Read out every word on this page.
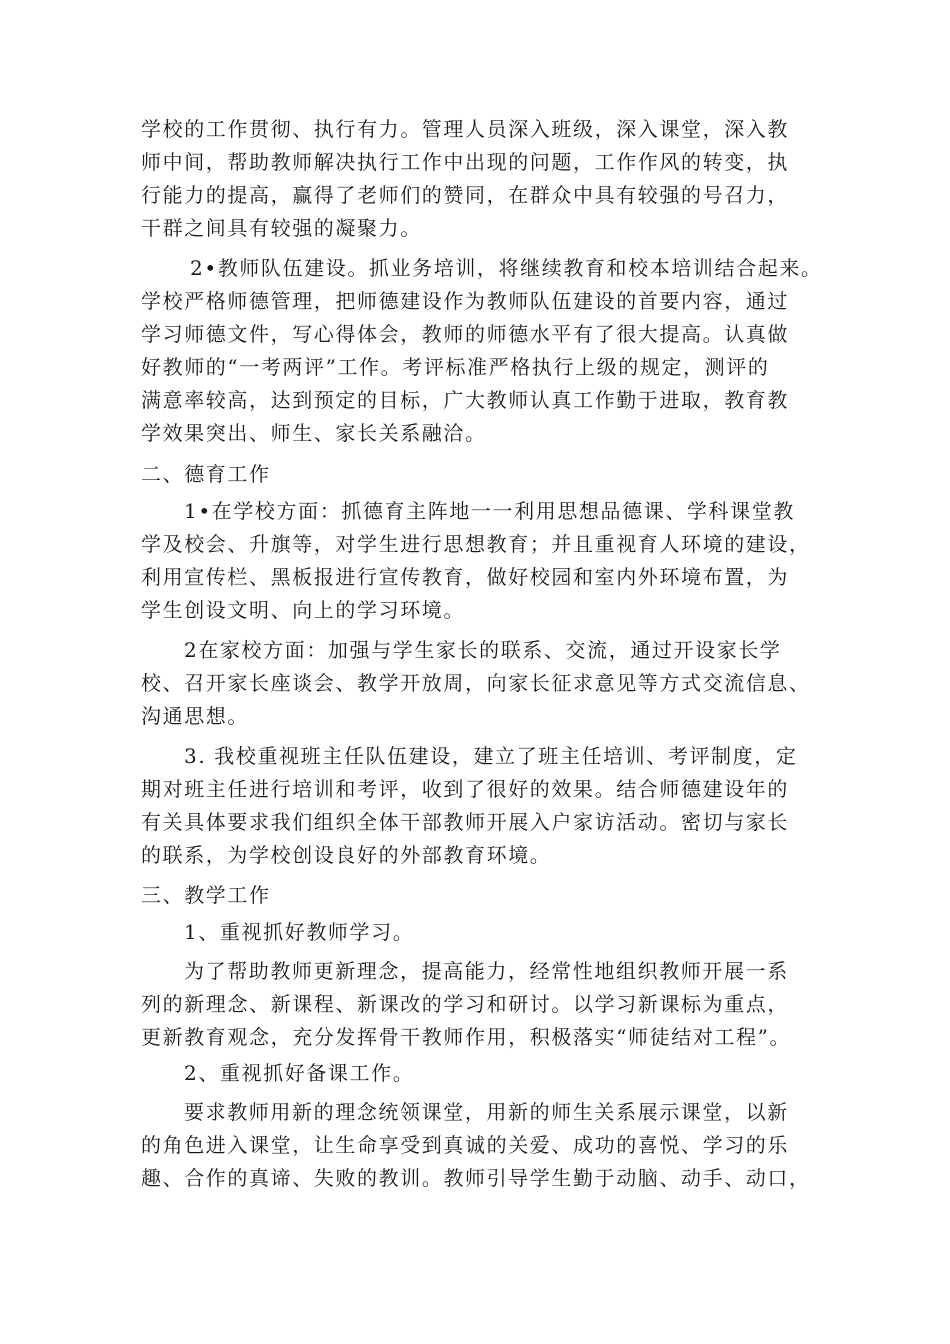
学校的工作贯彻、执行有力。管理人员深入班级，深入课堂，深入教
师中间，帮助教师解决执行工作中出现的问题，工作作风的转变，执
行能力的提高，赢得了老师们的赞同，在群众中具有较强的号召力，
干群之间具有较强的凝聚力。
2•教师队伍建设。抓业务培训，将继续教育和校本培训结合起来。
学校严格师德管理，把师德建设作为教师队伍建设的首要内容，通过
学习师德文件，写心得体会，教师的师德水平有了很大提高。认真做
好教师的“一考两评”工作。考评标准严格执行上级的规定，测评的
满意率较高，达到预定的目标，广大教师认真工作勤于进取，教育教
学效果突出、师生、家长关系融洽。
二、德育工作
1•在学校方面：抓德育主阵地一一利用思想品德课、学科课堂教
学及校会、升旗等，对学生进行思想教育；并且重视育人环境的建设，
利用宣传栏、黑板报进行宣传教育，做好校园和室内外环境布置，为
学生创设文明、向上的学习环境。
2在家校方面：加强与学生家长的联系、交流，通过开设家长学
校、召开家长座谈会、教学开放周，向家长征求意见等方式交流信息、
沟通思想。
3. 我校重视班主任队伍建设，建立了班主任培训、考评制度，定
期对班主任进行培训和考评，收到了很好的效果。结合师德建设年的
有关具体要求我们组织全体干部教师开展入户家访活动。密切与家长
的联系，为学校创设良好的外部教育环境。
三、教学工作
1、重视抓好教师学习。
为了帮助教师更新理念，提高能力，经常性地组织教师开展一系
列的新理念、新课程、新课改的学习和研讨。以学习新课标为重点，
更新教育观念，充分发挥骨干教师作用，积极落实“师徒结对工程”。
2、重视抓好备课工作。
要求教师用新的理念统领课堂，用新的师生关系展示课堂，以新
的角色进入课堂，让生命享受到真诚的关爱、成功的喜悦、学习的乐
趣、合作的真谛、失败的教训。教师引导学生勤于动脑、动手、动口，
